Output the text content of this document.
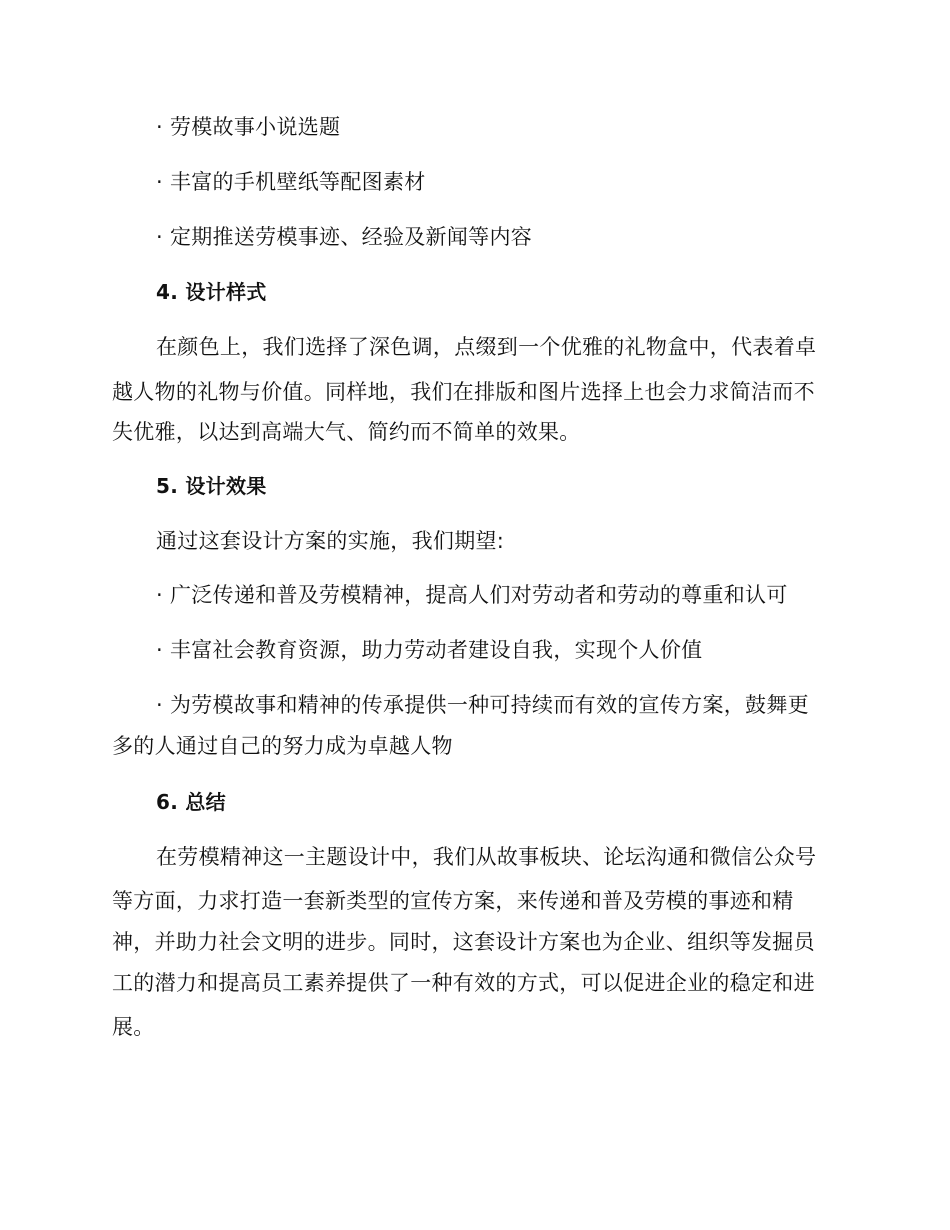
· 劳模故事小说选题
· 丰富的手机壁纸等配图素材
· 定期推送劳模事迹、经验及新闻等内容
4. 设计样式
在颜色上，我们选择了深色调，点缀到一个优雅的礼物盒中，代表着卓
越人物的礼物与价值。同样地，我们在排版和图片选择上也会力求简洁而不
失优雅，以达到高端大气、简约而不简单的效果。
5. 设计效果
通过这套设计方案的实施，我们期望:
· 广泛传递和普及劳模精神，提高人们对劳动者和劳动的尊重和认可
· 丰富社会教育资源，助力劳动者建设自我，实现个人价值
· 为劳模故事和精神的传承提供一种可持续而有效的宣传方案，鼓舞更
多的人通过自己的努力成为卓越人物
6. 总结
在劳模精神这一主题设计中，我们从故事板块、论坛沟通和微信公众号
等方面，力求打造一套新类型的宣传方案，来传递和普及劳模的事迹和精
神，并助力社会文明的进步。同时，这套设计方案也为企业、组织等发掘员
工的潜力和提高员工素养提供了一种有效的方式，可以促进企业的稳定和进
展。
